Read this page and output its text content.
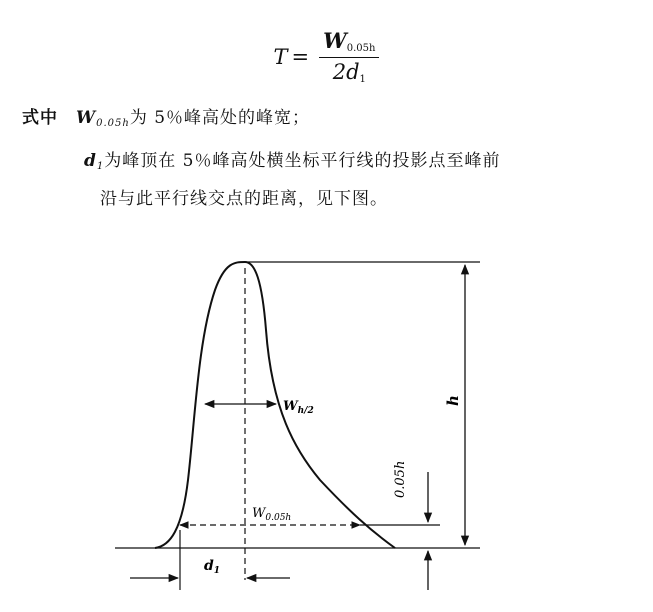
$T = \frac{W_{0.05h}}{2d_1}$
式中 $W_{0.05h}$为 5％峰高处的峰宽；
$d_1$为峰顶在 5％峰高处横坐标平行线的投影点至峰前
沿与此平行线交点的距离，见下图。
$W_{h/2}$
$W_{0.05h}$
h
0.05h
$d_1$
